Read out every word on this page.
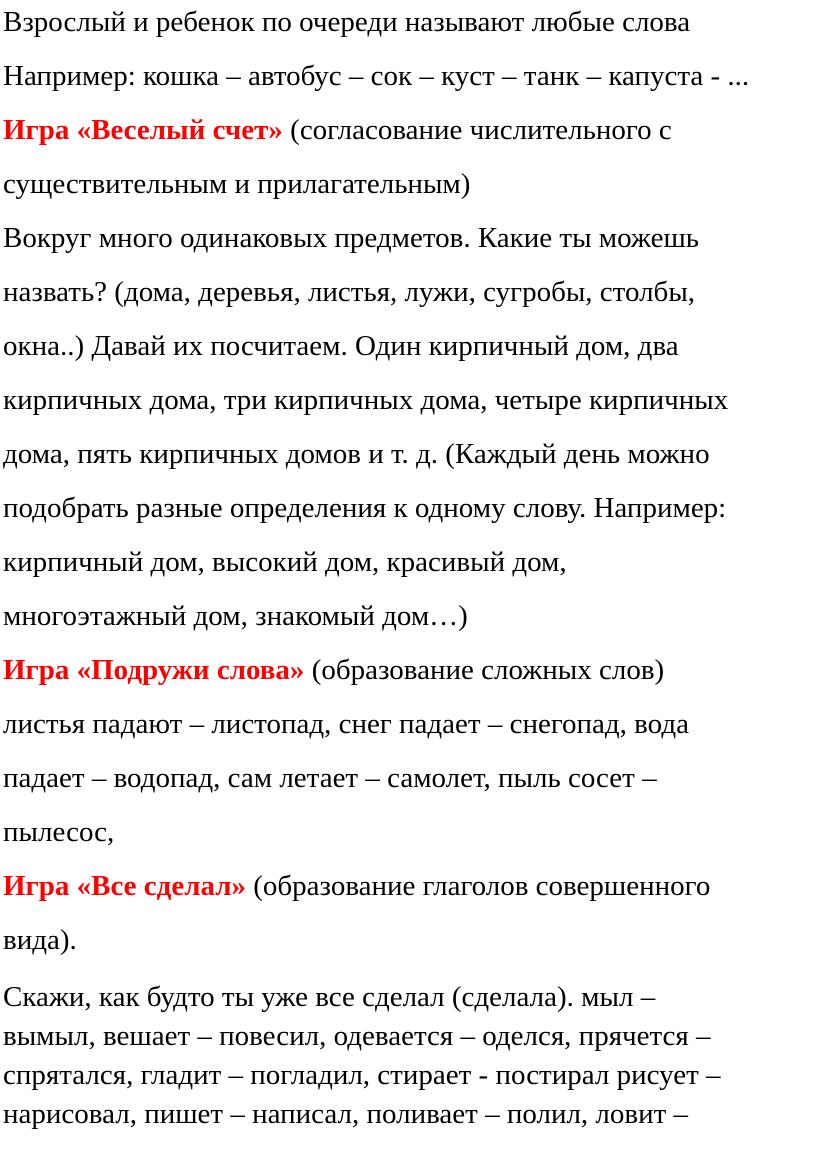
Взрослый и ребенок по очереди называют любые слова
Например: кошка – автобус – сок – куст – танк – капуста - ...
Игра «Веселый счет» (согласование числительного с
существительным и прилагательным)
Вокруг много одинаковых предметов. Какие ты можешь
назвать? (дома, деревья, листья, лужи, сугробы, столбы,
окна..) Давай их посчитаем. Один кирпичный дом, два
кирпичных дома, три кирпичных дома, четыре кирпичных
дома, пять кирпичных домов и т. д. (Каждый день можно
подобрать разные определения к одному слову. Например:
кирпичный дом, высокий дом, красивый дом,
многоэтажный дом, знакомый дом…)
Игра «Подружи слова» (образование сложных слов)
листья падают – листопад, снег падает – снегопад, вода
падает – водопад, сам летает – самолет, пыль сосет –
пылесос,
Игра «Все сделал» (образование глаголов совершенного
вида).
Скажи, как будто ты уже все сделал (сделала). мыл –
вымыл, вешает – повесил, одевается – оделся, прячется –
спрятался, гладит – погладил, стирает - постирал рисует –
нарисовал, пишет – написал, поливает – полил, ловит –
